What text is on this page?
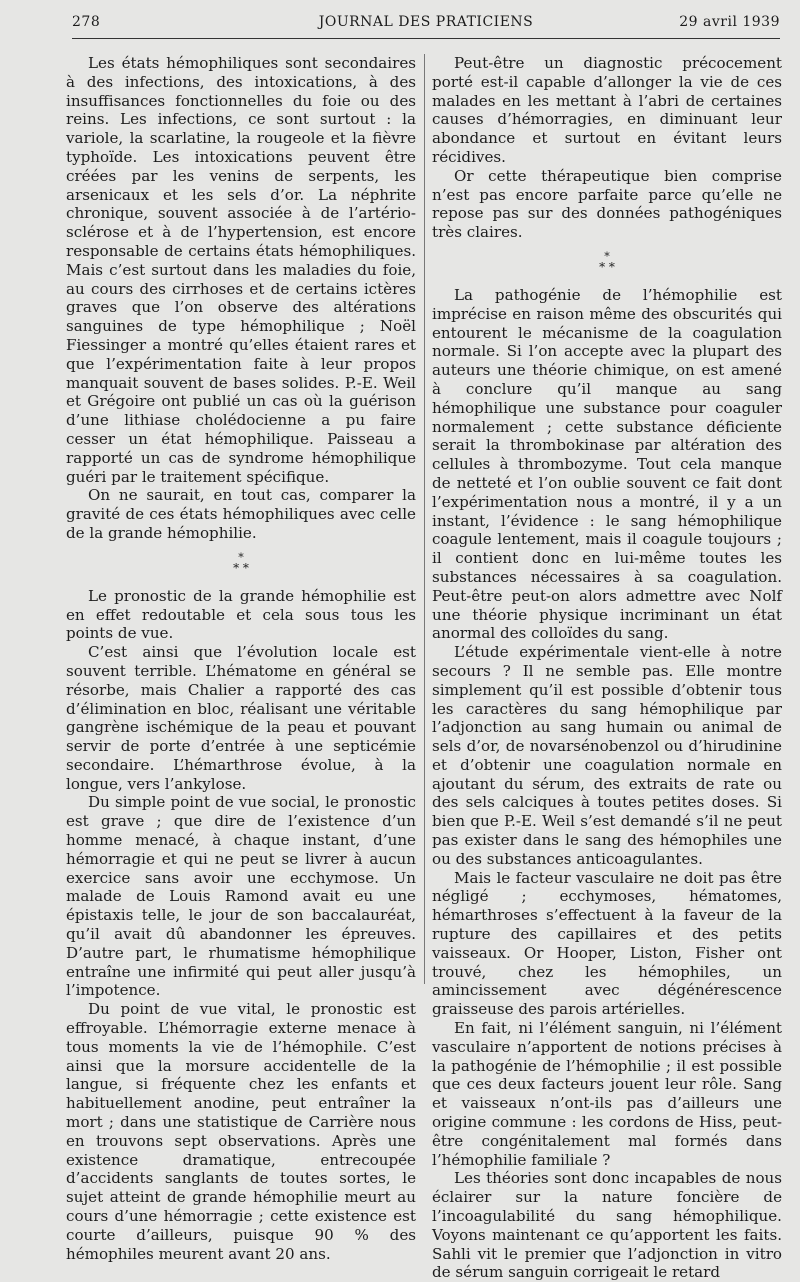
278	JOURNAL DES PRATICIENS	29 avril 1939

Les états hémophiliques sont secondaires à des infections, des intoxications, à des insuffisances fonctionnelles du foie ou des reins. Les infections, ce sont surtout : la variole, la scarlatine, la rougeole et la fièvre typhoïde. Les intoxications peuvent être créées par les venins de serpents, les arsenicaux et les sels d’or. La néphrite chronique, souvent associée à de l’artério-sclérose et à de l’hypertension, est encore responsable de certains états hémophiliques. Mais c’est surtout dans les maladies du foie, au cours des cirrhoses et de certains ictères graves que l’on observe des altérations sanguines de type hémophilique ; Noël Fiessinger a montré qu’elles étaient rares et que l’expérimentation faite à leur propos manquait souvent de bases solides. P.-E. Weil et Grégoire ont publié un cas où la guérison d’une lithiase cholédocienne a pu faire cesser un état hémophilique. Paisseau a rapporté un cas de syndrome hémophilique guéri par le traitement spécifique.

On ne saurait, en tout cas, comparer la gravité de ces états hémophiliques avec celle de la grande hémophilie.

*
* *

Le pronostic de la grande hémophilie est en effet redoutable et cela sous tous les points de vue.

C’est ainsi que l’évolution locale est souvent terrible. L’hématome en général se résorbe, mais Chalier a rapporté des cas d’élimination en bloc, réalisant une véritable gangrène ischémique de la peau et pouvant servir de porte d’entrée à une septicémie secondaire. L’hémarthrose évolue, à la longue, vers l’ankylose.

Du simple point de vue social, le pronostic est grave ; que dire de l’existence d’un homme menacé, à chaque instant, d’une hémorragie et qui ne peut se livrer à aucun exercice sans avoir une ecchymose. Un malade de Louis Ramond avait eu une épistaxis telle, le jour de son baccalauréat, qu’il avait dû abandonner les épreuves. D’autre part, le rhumatisme hémophilique entraîne une infirmité qui peut aller jusqu’à l’impotence.

Du point de vue vital, le pronostic est effroyable. L’hémorragie externe menace à tous moments la vie de l’hémophile. C’est ainsi que la morsure accidentelle de la langue, si fréquente chez les enfants et habituellement anodine, peut entraîner la mort ; dans une statistique de Carrière nous en trouvons sept observations. Après une existence dramatique, entrecoupée d’accidents sanglants de toutes sortes, le sujet atteint de grande hémophilie meurt au cours d’une hémorragie ; cette existence est courte d’ailleurs, puisque 90 % des hémophiles meurent avant 20 ans.

Peut-être un diagnostic précocement porté est-il capable d’allonger la vie de ces malades en les mettant à l’abri de certaines causes d’hémorragies, en diminuant leur abondance et surtout en évitant leurs récidives.

Or cette thérapeutique bien comprise n’est pas encore parfaite parce qu’elle ne repose pas sur des données pathogéniques très claires.

*
* *

La pathogénie de l’hémophilie est imprécise en raison même des obscurités qui entourent le mécanisme de la coagulation normale. Si l’on accepte avec la plupart des auteurs une théorie chimique, on est amené à conclure qu’il manque au sang hémophilique une substance pour coaguler normalement ; cette substance déficiente serait la thrombokinase par altération des cellules à thrombozyme. Tout cela manque de netteté et l’on oublie souvent ce fait dont l’expérimentation nous a montré, il y a un instant, l’évidence : le sang hémophilique coagule lentement, mais il coagule toujours ; il contient donc en lui-même toutes les substances nécessaires à sa coagulation. Peut-être peut-on alors admettre avec Nolf une théorie physique incriminant un état anormal des colloïdes du sang.

L’étude expérimentale vient-elle à notre secours ? Il ne semble pas. Elle montre simplement qu’il est possible d’obtenir tous les caractères du sang hémophilique par l’adjonction au sang humain ou animal de sels d’or, de novarsénobenzol ou d’hirudinine et d’obtenir une coagulation normale en ajoutant du sérum, des extraits de rate ou des sels calciques à toutes petites doses. Si bien que P.-E. Weil s’est demandé s’il ne peut pas exister dans le sang des hémophiles une ou des substances anticoagulantes.

Mais le facteur vasculaire ne doit pas être négligé ; ecchymoses, hématomes, hémarthroses s’effectuent à la faveur de la rupture des capillaires et des petits vaisseaux. Or Hooper, Liston, Fisher ont trouvé, chez les hémophiles, un amincissement avec dégénérescence graisseuse des parois artérielles.

En fait, ni l’élément sanguin, ni l’élément vasculaire n’apportent de notions précises à la pathogénie de l’hémophilie ; il est possible que ces deux facteurs jouent leur rôle. Sang et vaisseaux n’ont-ils pas d’ailleurs une origine commune : les cordons de Hiss, peut-être congénitalement mal formés dans l’hémophilie familiale ?

Les théories sont donc incapables de nous éclairer sur la nature foncière de l’incoagulabilité du sang hémophilique. Voyons maintenant ce qu’apportent les faits. Sahli vit le premier que l’adjonction in vitro de sérum sanguin corrigeait le retard
